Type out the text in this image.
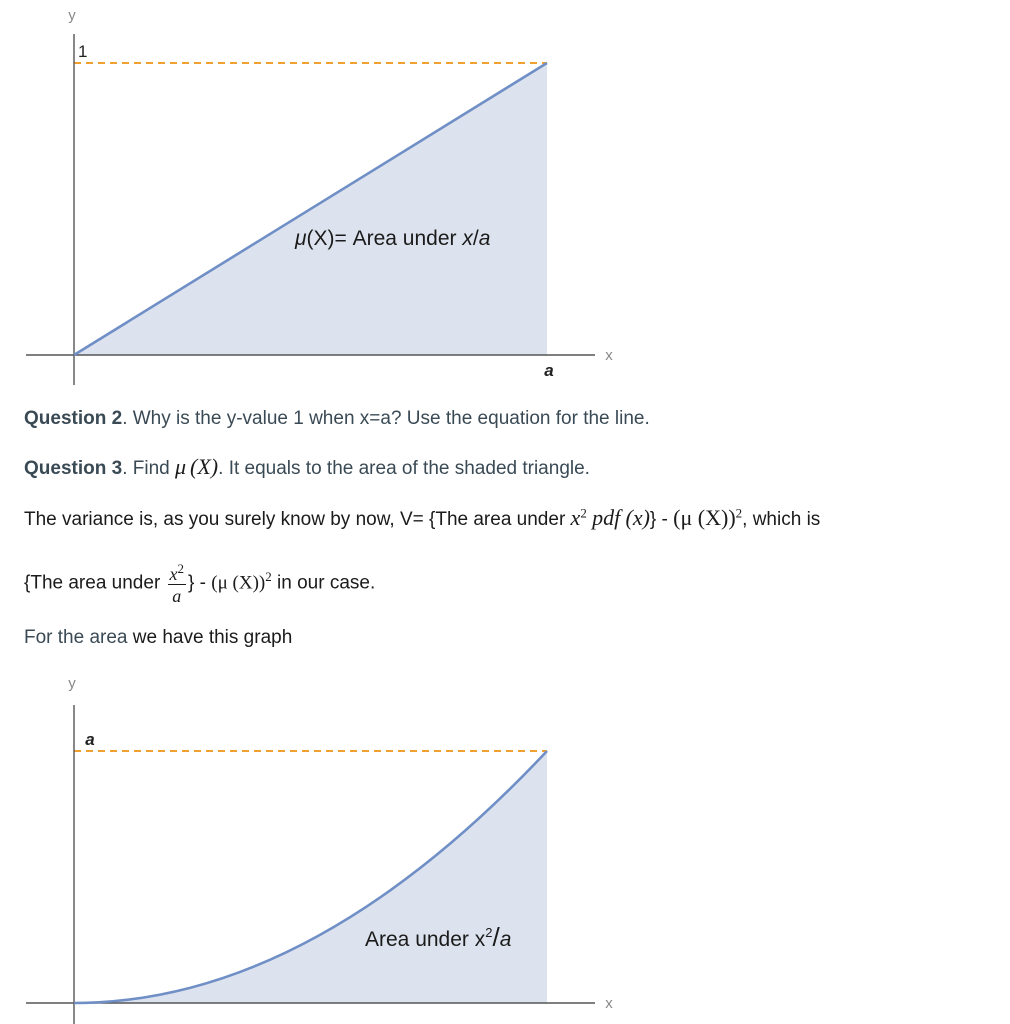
y
x
1
a
μ(X)= Area under x/a
Question 2. Why is the y-value 1 when x=a? Use the equation for the line.
Question 3. Find μ (X). It equals to the area of the shaded triangle.
The variance is, as you surely know by now, V= {The area under $x^2$ pdf (x)} - (μ (X))$^2$, which is
{The area under $\frac{x^2}{a}$ } - (μ (X))$^2$ in our case.
For the area we have this graph
y
x
a
Area under $x^2/a$
